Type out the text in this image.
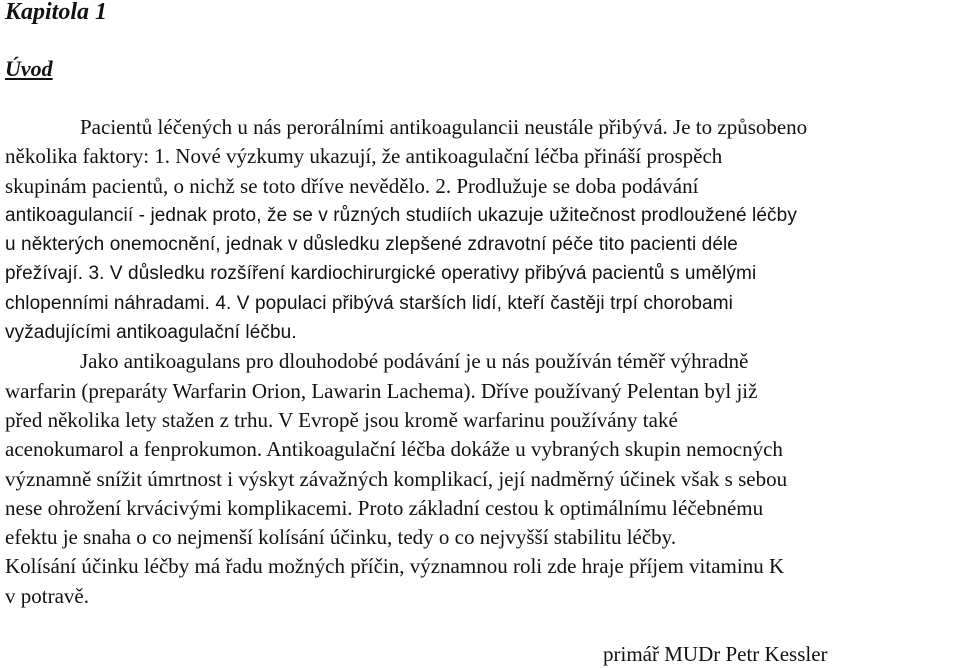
Kapitola 1
Úvod
Pacientů léčených u nás perorálními antikoagulancii neustále přibývá. Je to způsobeno
několika faktory: 1. Nové výzkumy ukazují, že antikoagulační léčba přináší prospěch
skupinám pacientů, o nichž se toto dříve nevědělo. 2. Prodlužuje se doba podávání
antikoagulancií - jednak proto, že se v různých studiích ukazuje užitečnost prodloužené léčby
u některých onemocnění, jednak v důsledku zlepšené zdravotní péče tito pacienti déle
přežívají. 3. V důsledku rozšíření kardiochirurgické operativy přibývá pacientů s umělými
chlopenními náhradami. 4. V populaci přibývá starších lidí, kteří častěji trpí chorobami
vyžadujícími antikoagulační léčbu.
Jako antikoagulans pro dlouhodobé podávání je u nás používán téměř výhradně
warfarin (preparáty Warfarin Orion, Lawarin Lachema). Dříve používaný Pelentan byl již
před několika lety stažen z trhu. V Evropě jsou kromě warfarinu používány také
acenokumarol a fenprokumon. Antikoagulační léčba dokáže u vybraných skupin nemocných
významně snížit úmrtnost i výskyt závažných komplikací, její nadměrný účinek však s sebou
nese ohrožení krvácivými komplikacemi. Proto základní cestou k optimálnímu léčebnému
efektu je snaha o co nejmenší kolísání účinku, tedy o co nejvyšší stabilitu léčby.
Kolísání účinku léčby má řadu možných příčin, významnou roli zde hraje příjem vitaminu K
v potravě.
primář MUDr Petr Kessler
